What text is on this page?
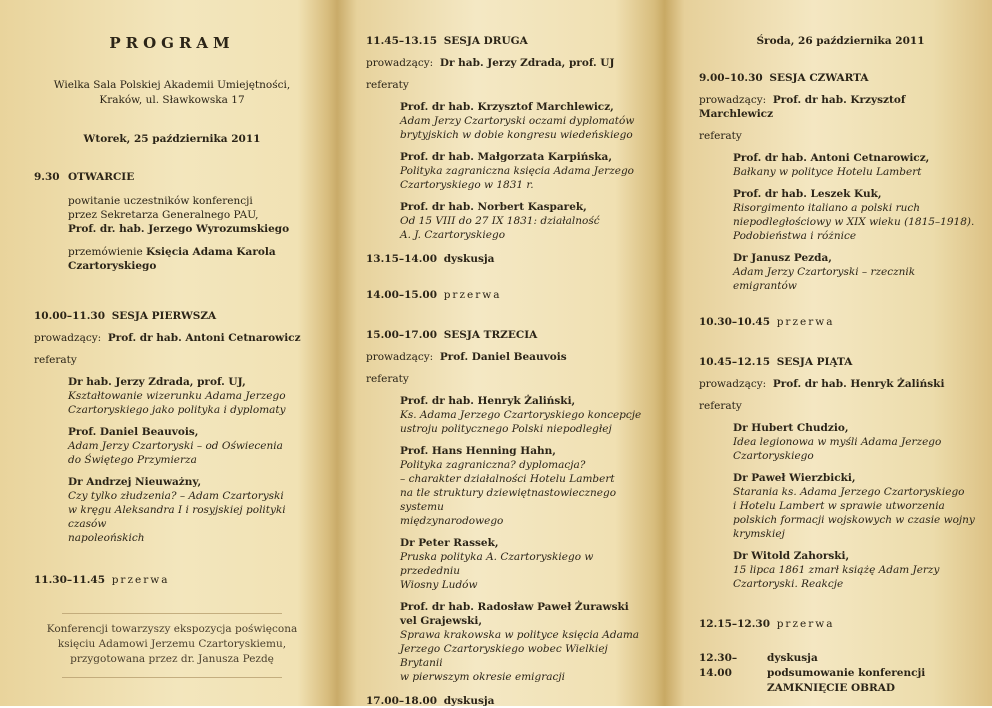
PROGRAM
Wielka Sala Polskiej Akademii Umiejętności,
Kraków, ul. Sławkowska 17
Wtorek, 25 października 2011
9.30 OTWARCIE
powitanie uczestników konferencji
przez Sekretarza Generalnego PAU,
Prof. dr. hab. Jerzego Wyrozumskiego
przemówienie Księcia Adama Karola
Czartoryskiego
10.00–11.30 SESJA PIERWSZA
prowadzący: Prof. dr hab. Antoni Cetnarowicz
referaty
Dr hab. Jerzy Zdrada, prof. UJ,
Kształtowanie wizerunku Adama Jerzego
Czartoryskiego jako polityka i dyplomaty
Prof. Daniel Beauvois,
Adam Jerzy Czartoryski – od Oświecenia
do Świętego Przymierza
Dr Andrzej Nieuważny,
Czy tylko złudzenia? – Adam Czartoryski
w kręgu Aleksandra I i rosyjskiej polityki czasów
napoleońskich
11.30–11.45 przerwa
Konferencji towarzyszy ekspozycja poświęcona
księciu Adamowi Jerzemu Czartoryskiemu,
przygotowana przez dr. Janusza Pezdę
11.45–13.15 SESJA DRUGA
prowadzący: Dr hab. Jerzy Zdrada, prof. UJ
referaty
Prof. dr hab. Krzysztof Marchlewicz,
Adam Jerzy Czartoryski oczami dyplomatów
brytyjskich w dobie kongresu wiedeńskiego
Prof. dr hab. Małgorzata Karpińska,
Polityka zagraniczna księcia Adama Jerzego
Czartoryskiego w 1831 r.
Prof. dr hab. Norbert Kasparek,
Od 15 VIII do 27 IX 1831: działalność
A. J. Czartoryskiego
13.15–14.00 dyskusja
14.00–15.00 przerwa
15.00–17.00 SESJA TRZECIA
prowadzący: Prof. Daniel Beauvois
referaty
Prof. dr hab. Henryk Żaliński,
Ks. Adama Jerzego Czartoryskiego koncepcje
ustroju politycznego Polski niepodległej
Prof. Hans Henning Hahn,
Polityka zagraniczna? dyplomacja?
– charakter działalności Hotelu Lambert
na tle struktury dziewiętnastowiecznego systemu
międzynarodowego
Dr Peter Rassek,
Pruska polityka A. Czartoryskiego w przededniu
Wiosny Ludów
Prof. dr hab. Radosław Paweł Żurawski
vel Grajewski,
Sprawa krakowska w polityce księcia Adama
Jerzego Czartoryskiego wobec Wielkiej Brytanii
w pierwszym okresie emigracji
17.00–18.00 dyskusja
Środa, 26 października 2011
9.00–10.30 SESJA CZWARTA
prowadzący: Prof. dr hab. Krzysztof Marchlewicz
referaty
Prof. dr hab. Antoni Cetnarowicz,
Bałkany w polityce Hotelu Lambert
Prof. dr hab. Leszek Kuk,
Risorgimento italiano a polski ruch
niepodległościowy w XIX wieku (1815–1918).
Podobieństwa i różnice
Dr Janusz Pezda,
Adam Jerzy Czartoryski – rzecznik emigrantów
10.30–10.45 przerwa
10.45–12.15 SESJA PIĄTA
prowadzący: Prof. dr hab. Henryk Żaliński
referaty
Dr Hubert Chudzio,
Idea legionowa w myśli Adama Jerzego
Czartoryskiego
Dr Paweł Wierzbicki,
Starania ks. Adama Jerzego Czartoryskiego
i Hotelu Lambert w sprawie utworzenia
polskich formacji wojskowych w czasie wojny
krymskiej
Dr Witold Zahorski,
15 lipca 1861 zmarł książę Adam Jerzy
Czartoryski. Reakcje
12.15–12.30 przerwa
12.30–14.00
dyskusja
podsumowanie konferencji
ZAMKNIĘCIE OBRAD
